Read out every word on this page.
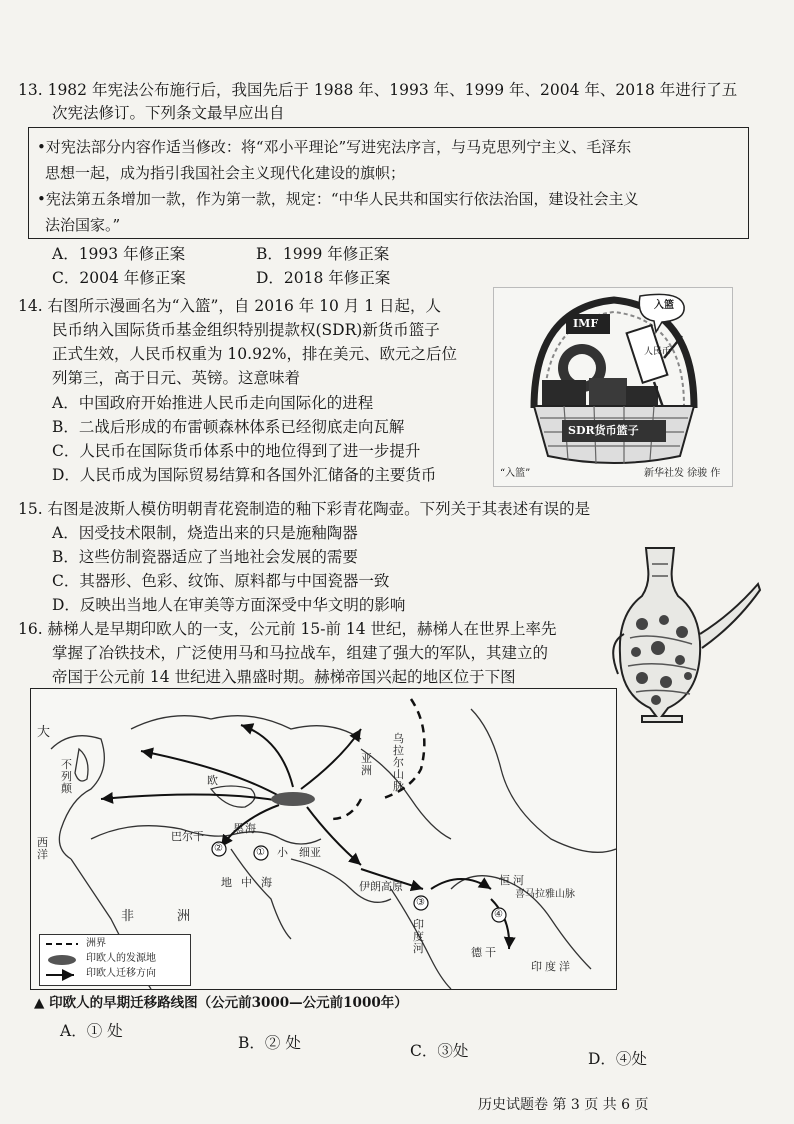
13. 1982 年宪法公布施行后，我国先后于 1988 年、1993 年、1999 年、2004 年、2018 年进行了五
次宪法修订。下列条文最早应出自
•对宪法部分内容作适当修改：将“邓小平理论”写进宪法序言，与马克思列宁主义、毛泽东
思想一起，成为指引我国社会主义现代化建设的旗帜；
•宪法第五条增加一款，作为第一款，规定：“中华人民共和国实行依法治国，建设社会主义
法治国家。”
A．1993 年修正案	B．1999 年修正案
C．2004 年修正案	D．2018 年修正案
14. 右图所示漫画名为“入篮”，自 2016 年 10 月 1 日起，人
民币纳入国际货币基金组织特别提款权(SDR)新货币篮子
正式生效，人民币权重为 10.92%，排在美元、欧元之后位
列第三，高于日元、英镑。这意味着
A．中国政府开始推进人民币走向国际化的进程
B．二战后形成的布雷顿森林体系已经彻底走向瓦解
C．人民币在国际货币体系中的地位得到了进一步提升
D．人民币成为国际贸易结算和各国外汇储备的主要货币
入篮
IMF
人民币
SDR货币篮子
“入篮”	新华社发 徐骏 作
15. 右图是波斯人模仿明朝青花瓷制造的釉下彩青花陶壶。下列关于其表述有误的是
A．因受技术限制，烧造出来的只是施釉陶器
B．这些仿制瓷器适应了当地社会发展的需要
C．其器形、色彩、纹饰、原料都与中国瓷器一致
D．反映出当地人在审美等方面深受中华文明的影响
16. 赫梯人是早期印欧人的一支，公元前 15-前 14 世纪，赫梯人在世界上率先
掌握了冶铁技术，广泛使用马和马拉战车，组建了强大的军队，其建立的
帝国于公元前 14 世纪进入鼎盛时期。赫梯帝国兴起的地区位于下图
大
西
洋
不
列
颠
欧
巴尔干
黑 海
小 细亚
地 中 海
非	洲
伊朗高原
印
度
河
恒 河
德 干
乌
拉
尔
山
脉
亚
洲
喜马拉雅山脉
印 度 洋
①
②
③
④
洲界
印欧人的发源地
印欧人迁移方向
▲ 印欧人的早期迁移路线图（公元前3000—公元前1000年）
A．① 处
B．② 处	C．③处	D．④处
历史试题卷 第 3 页 共 6 页
